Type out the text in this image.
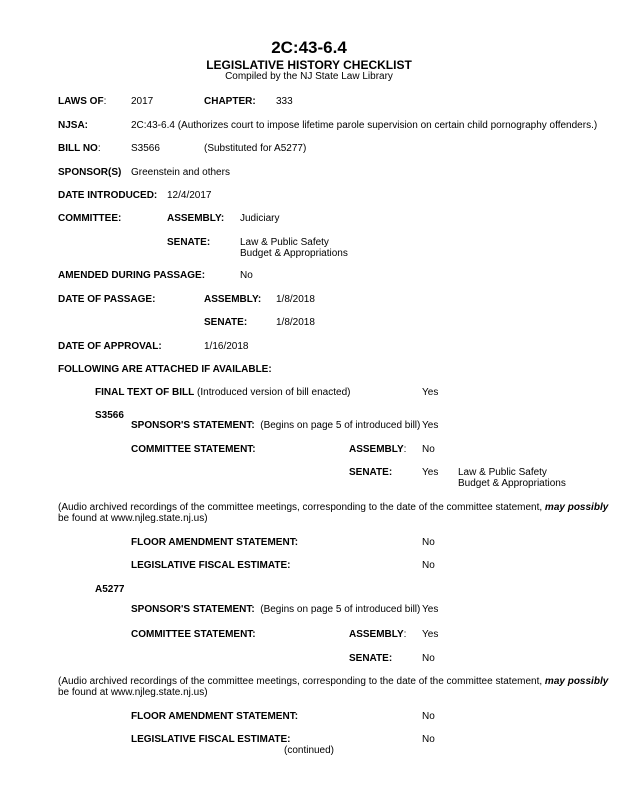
2C:43-6.4
LEGISLATIVE HISTORY CHECKLIST
Compiled by the NJ State Law Library
LAWS OF: 2017	CHAPTER: 333
NJSA:	2C:43-6.4 (Authorizes court to impose lifetime parole supervision on certain child pornography offenders.)
BILL NO:	S3566	(Substituted for A5277)
SPONSOR(S) Greenstein and others
DATE INTRODUCED: 12/4/2017
COMMITTEE:	ASSEMBLY: Judiciary
SENATE:	Law & Public Safety
Budget & Appropriations
AMENDED DURING PASSAGE:	No
DATE OF PASSAGE:	ASSEMBLY: 1/8/2018
SENATE:	1/8/2018
DATE OF APPROVAL:	1/16/2018
FOLLOWING ARE ATTACHED IF AVAILABLE:
FINAL TEXT OF BILL (Introduced version of bill enacted)	Yes
S3566
SPONSOR'S STATEMENT: (Begins on page 5 of introduced bill) Yes
COMMITTEE STATEMENT:	ASSEMBLY: No
SENATE:	Yes Law & Public Safety
Budget & Appropriations
(Audio archived recordings of the committee meetings, corresponding to the date of the committee statement, may possibly
be found at www.njleg.state.nj.us)
FLOOR AMENDMENT STATEMENT:	No
LEGISLATIVE FISCAL ESTIMATE:	No
A5277
SPONSOR'S STATEMENT: (Begins on page 5 of introduced bill) Yes
COMMITTEE STATEMENT:	ASSEMBLY: Yes
SENATE:	No
(Audio archived recordings of the committee meetings, corresponding to the date of the committee statement, may possibly
be found at www.njleg.state.nj.us)
FLOOR AMENDMENT STATEMENT:	No
LEGISLATIVE FISCAL ESTIMATE:	No
(continued)
